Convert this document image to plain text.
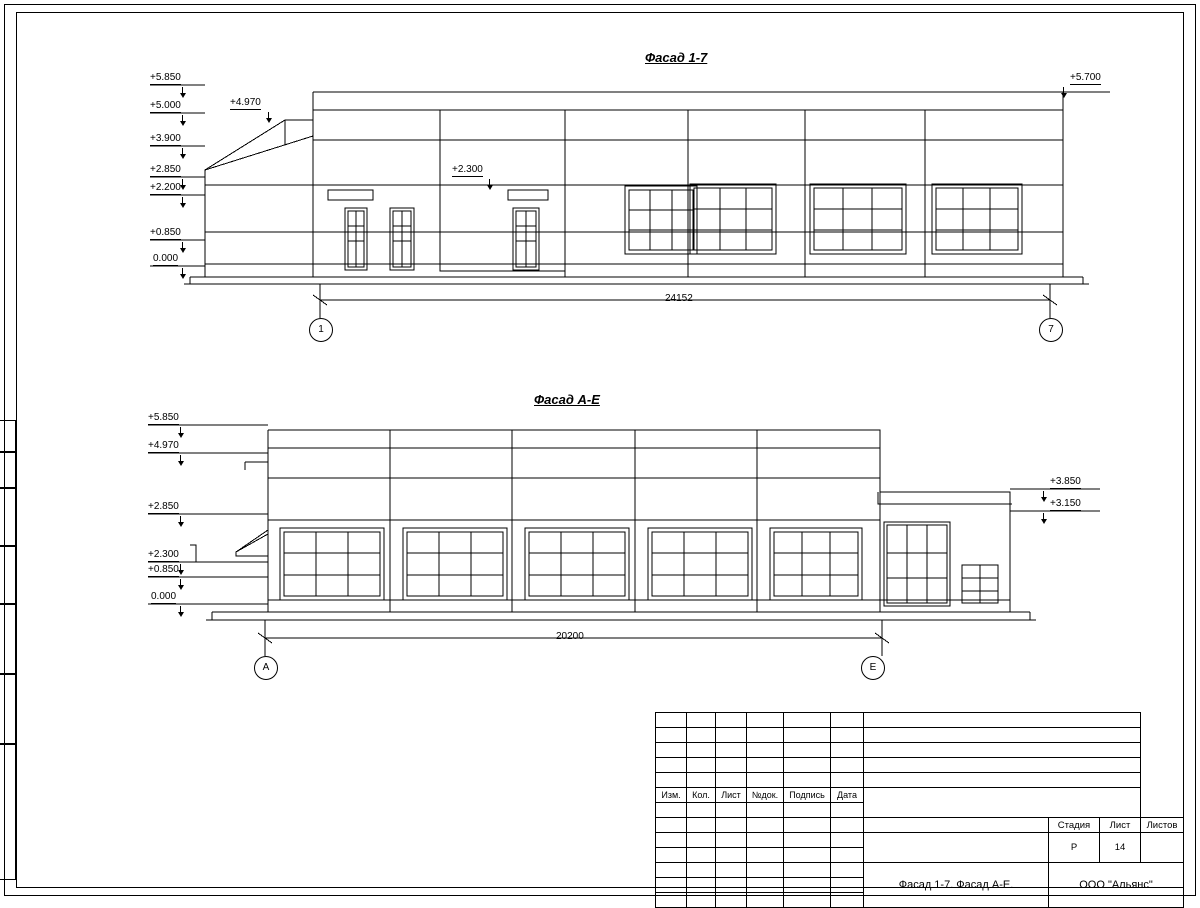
Фасад 1-7
Фасад А-Е
+5.850
+5.000
+3.900
+2.850
+2.200
+0.850
0.000
+4.970
+2.300
+5.700
24152
1	7
+5.850
+4.970
+2.850
+2.300
+0.850
0.000
+3.850
+3.150
20200
А	Е

Изм.	Кол.	Лист	№док.	Подпись	Дата				

							Стадия	Лист	Листов
							Р	14	

						Фасад 1-7. Фасад А-Е.	ООО "Альянс"		
